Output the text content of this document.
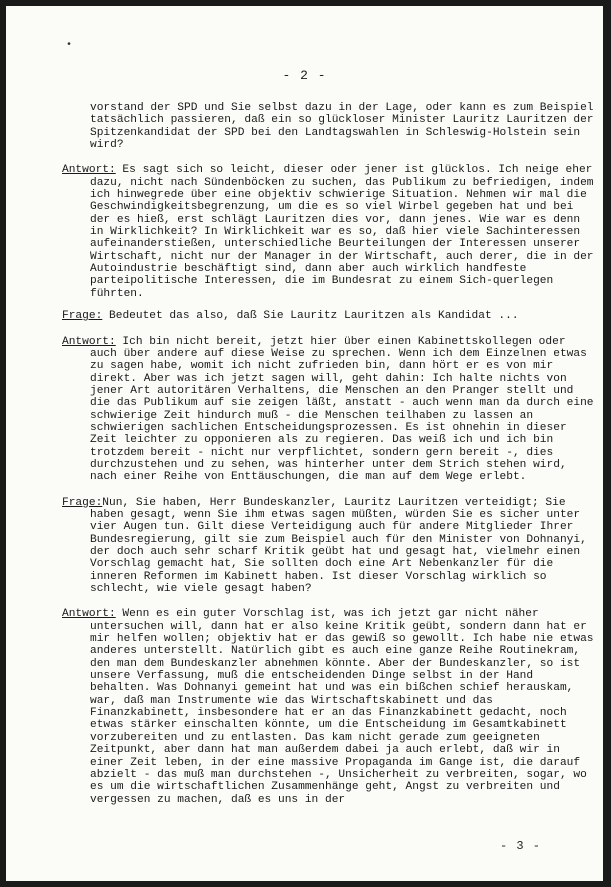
•
- 2 -
vorstand der SPD und Sie selbst dazu in der Lage, oder kann es zum Beispiel tatsächlich passieren, daß ein so glückloser Minister Lauritz Lauritzen der Spitzenkandidat der SPD bei den Landtagswahlen in Schleswig-Holstein sein wird?
Antwort: Es sagt sich so leicht, dieser oder jener ist glücklos. Ich neige eher dazu, nicht nach Sündenböcken zu suchen, das Publikum zu befriedigen, indem ich hinwegrede über eine objektiv schwierige Situation. Nehmen wir mal die Geschwindigkeitsbegrenzung, um die es so viel Wirbel gegeben hat und bei der es hieß, erst schlägt Lauritzen dies vor, dann jenes. Wie war es denn in Wirklichkeit? In Wirklichkeit war es so, daß hier viele Sachinteressen aufeinanderstießen, unterschiedliche Beurteilungen der Interessen unserer Wirtschaft, nicht nur der Manager in der Wirtschaft, auch derer, die in der Autoindustrie beschäftigt sind, dann aber auch wirklich handfeste parteipolitische Interessen, die im Bundesrat zu einem Sich-querlegen führten.
Frage: Bedeutet das also, daß Sie Lauritz Lauritzen als Kandidat ...
Antwort: Ich bin nicht bereit, jetzt hier über einen Kabinettskollegen oder auch über andere auf diese Weise zu sprechen. Wenn ich dem Einzelnen etwas zu sagen habe, womit ich nicht zufrieden bin, dann hört er es von mir direkt. Aber was ich jetzt sagen will, geht dahin: Ich halte nichts von jener Art autoritären Verhaltens, die Menschen an den Pranger stellt und die das Publikum auf sie zeigen läßt, anstatt - auch wenn man da durch eine schwierige Zeit hindurch muß - die Menschen teilhaben zu lassen an schwierigen sachlichen Entscheidungsprozessen. Es ist ohnehin in dieser Zeit leichter zu opponieren als zu regieren. Das weiß ich und ich bin trotzdem bereit - nicht nur verpflichtet, sondern gern bereit -, dies durchzustehen und zu sehen, was hinterher unter dem Strich stehen wird, nach einer Reihe von Enttäuschungen, die man auf dem Wege erlebt.
Frage:Nun, Sie haben, Herr Bundeskanzler, Lauritz Lauritzen verteidigt; Sie haben gesagt, wenn Sie ihm etwas sagen müßten, würden Sie es sicher unter vier Augen tun. Gilt diese Verteidigung auch für andere Mitglieder Ihrer Bundesregierung, gilt sie zum Beispiel auch für den Minister von Dohnanyi, der doch auch sehr scharf Kritik geübt hat und gesagt hat, vielmehr einen Vorschlag gemacht hat, Sie sollten doch eine Art Nebenkanzler für die inneren Reformen im Kabinett haben. Ist dieser Vorschlag wirklich so schlecht, wie viele gesagt haben?
Antwort: Wenn es ein guter Vorschlag ist, was ich jetzt gar nicht näher untersuchen will, dann hat er also keine Kritik geübt, sondern dann hat er mir helfen wollen; objektiv hat er das gewiß so gewollt. Ich habe nie etwas anderes unterstellt. Natürlich gibt es auch eine ganze Reihe Routinekram, den man dem Bundeskanzler abnehmen könnte. Aber der Bundeskanzler, so ist unsere Verfassung, muß die entscheidenden Dinge selbst in der Hand behalten. Was Dohnanyi gemeint hat und was ein bißchen schief herauskam, war, daß man Instrumente wie das Wirtschaftskabinett und das Finanzkabinett, insbesondere hat er an das Finanzkabinett gedacht, noch etwas stärker einschalten könnte, um die Entscheidung im Gesamtkabinett vorzubereiten und zu entlasten. Das kam nicht gerade zum geeigneten Zeitpunkt, aber dann hat man außerdem dabei ja auch erlebt, daß wir in einer Zeit leben, in der eine massive Propaganda im Gange ist, die darauf abzielt - das muß man durchstehen -, Unsicherheit zu verbreiten, sogar, wo es um die wirtschaftlichen Zusammenhänge geht, Angst zu verbreiten und vergessen zu machen, daß es uns in der
- 3 -
